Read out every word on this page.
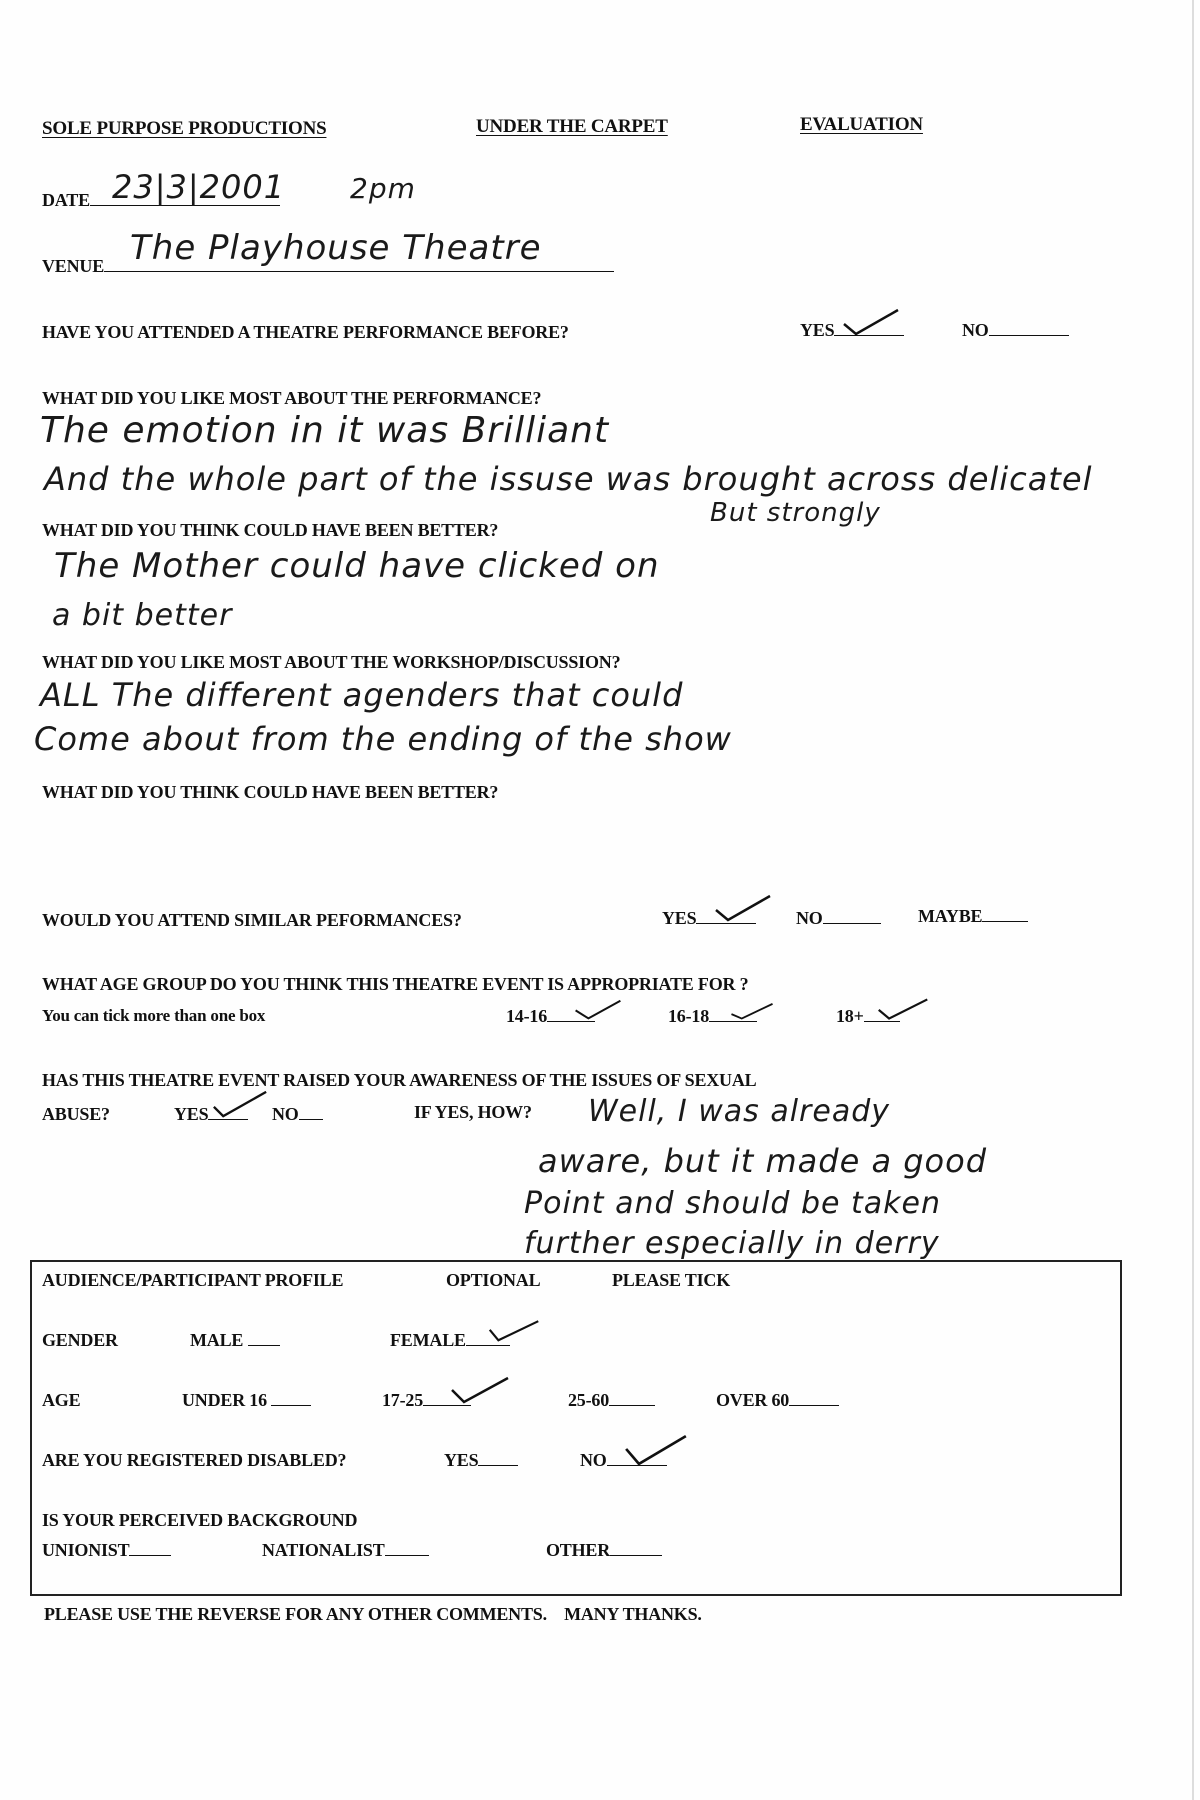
SOLE PURPOSE PRODUCTIONS	UNDER THE CARPET	EVALUATION
DATE 23|3|2001 2pm
VENUE The Playhouse Theatre
HAVE YOU ATTENDED A THEATRE PERFORMANCE BEFORE?	YES	NO
WHAT DID YOU LIKE MOST ABOUT THE PERFORMANCE?
The emotion in it was Brilliant
And the whole part of the issuse was brought across delicatel
But strongly
WHAT DID YOU THINK COULD HAVE BEEN BETTER?
The Mother could have clicked on
a bit better
WHAT DID YOU LIKE MOST ABOUT THE WORKSHOP/DISCUSSION?
ALL The different agenders that could
Come about from the ending of the show
WHAT DID YOU THINK COULD HAVE BEEN BETTER?
WOULD YOU ATTEND SIMILAR PEFORMANCES?	YES	NO	MAYBE
WHAT AGE GROUP DO YOU THINK THIS THEATRE EVENT IS APPROPRIATE FOR ?
You can tick more than one box	14-16	16-18	18+
HAS THIS THEATRE EVENT RAISED YOUR AWARENESS OF THE ISSUES OF SEXUAL
ABUSE?	YES	NO	IF YES, HOW? Well, I was already
aware, but it made a good
Point and should be taken
further especially in derry
AUDIENCE/PARTICIPANT PROFILE	OPTIONAL	PLEASE TICK
GENDER	MALE	FEMALE
AGE	UNDER 16	17-25	25-60	OVER 60
ARE YOU REGISTERED DISABLED?	YES	NO
IS YOUR PERCEIVED BACKGROUND
UNIONIST	NATIONALIST	OTHER
PLEASE USE THE REVERSE FOR ANY OTHER COMMENTS.    MANY THANKS.
